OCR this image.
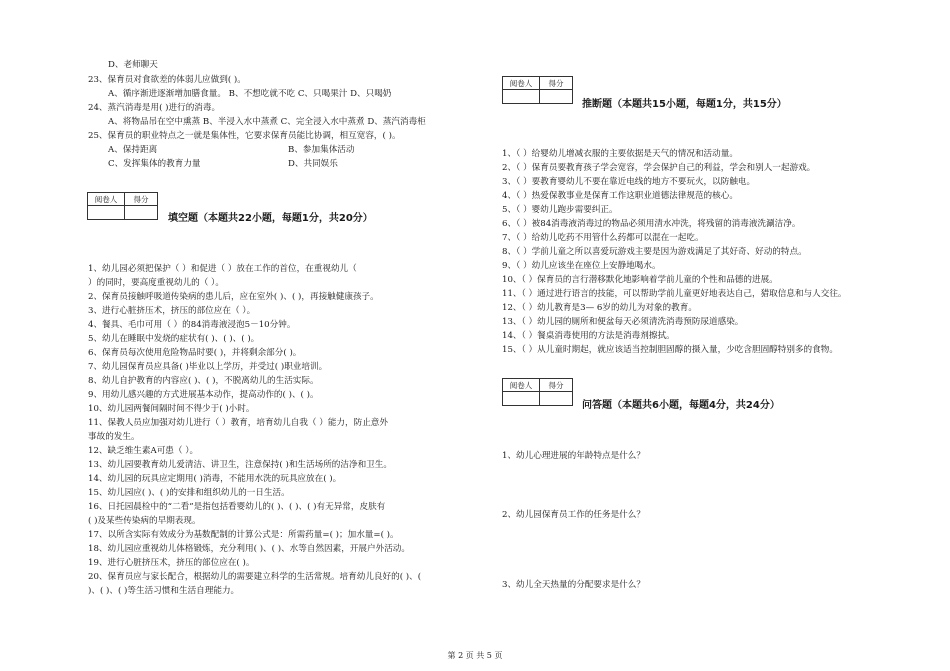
D、老师聊天
23、保育员对食欲差的体弱儿应做到( )。
A、循序渐进逐渐增加膳食量。 B、不想吃就不吃 C、只喝果汁 D、只喝奶
24、蒸汽消毒是用( )进行的消毒。
A、将物品吊在空中熏蒸 B、半浸入水中蒸煮 C、完全浸入水中蒸煮 D、蒸汽消毒柜
25、保育员的职业特点之一就是集体性，它要求保育员能比协调，相互宽容，( )。
A、保持距离	B、参加集体活动
C、发挥集体的教育力量	D、共同娱乐
阅卷人	得分

填空题（本题共22小题，每题1分，共20分）
1、幼儿园必须把保护（ ）和促进（ ）放在工作的首位，在重视幼儿（
）的同时，要高度重视幼儿的（ ）。
2、保育员接触呼吸道传染病的患儿后，应在室外( )、( )，再接触健康孩子。
3、进行心脏挤压术，挤压的部位应在（ ）。
4、餐具、毛巾可用（ ）的84消毒液浸泡5－10分钟。
5、幼儿在睡眠中发烧的症状有( )、( )、( )。
6、保育员每次使用危险物品时要( )，并将剩余部分( )。
7、幼儿园保育员应具备( )毕业以上学历，并受过( )职业培训。
8、幼儿自护教育的内容应( )、( )，不脱离幼儿的生活实际。
9、用幼儿感兴趣的方式进展基本动作，提高动作的( )、( )。
10、幼儿园两餐间隔时间不得少于( )小时。
11、保教人员应加强对幼儿进行（ ）教育，培育幼儿自我（ ）能力，防止意外
事故的发生。
12、缺乏维生素A可患（ ）。
13、幼儿园要教育幼儿爱清洁、讲卫生，注意保持( )和生活场所的洁净和卫生。
14、幼儿园的玩具应定期用( )消毒，不能用水洗的玩具应放在( )。
15、幼儿园应( )、( )的安排和组织幼儿的一日生活。
16、日托园晨检中的“二看”是指包括看婴幼儿的( )、( )、( )有无异常，皮肤有
( )及某些传染病的早期表现。
17、以所含实际有效成分为基数配制的计算公式是：所需药量=( )；加水量=( )。
18、幼儿园应重视幼儿体格锻炼，充分利用( )、( )、水等自然因素，开展户外活动。
19、进行心脏挤压术，挤压的部位应在( )。
20、保育员应与家长配合，根据幼儿的需要建立科学的生活常规。培育幼儿良好的( )、(
)、( )、( )等生活习惯和生活自理能力。
阅卷人	得分

推断题（本题共15小题，每题1分，共15分）
1、（ ）给婴幼儿增减衣服的主要依据是天气的情况和活动量。
2、（ ）保育员要教育孩子学会宽容，学会保护自己的利益，学会和别人一起游戏。
3、（ ）要教育婴幼儿不要在靠近电线的地方不要玩火，以防触电。
4、（ ）热爱保教事业是保育工作这职业道德法律规范的核心。
5、（ ）婴幼儿跑步需要纠正。
6、（ ）被84消毒液消毒过的物品必须用清水冲洗，将残留的消毒液洗涮洁净。
7、（ ）给幼儿吃药不用管什么药都可以混在一起吃。
8、（ ）学前儿童之所以喜爱玩游戏主要是因为游戏满足了其好奇、好动的特点。
9、（ ）幼儿应该坐在座位上安静地喝水。
10、（ ）保育员的言行潜移默化地影响着学前儿童的个性和品德的进展。
11、（ ）通过进行语言的技能，可以帮助学前儿童更好地表达自己，猎取信息和与人交往。
12、（ ）幼儿教育是3— 6岁的幼儿为对象的教育。
13、（ ）幼儿园的厕所和便盆每天必须清洗消毒预防尿道感染。
14、（ ）餐桌消毒使用的方法是消毒剂擦拭。
15、（ ）从儿童时期起，就应该适当控制胆固醇的摄入量，少吃含胆固醇特别多的食物。
阅卷人	得分

问答题（本题共6小题，每题4分，共24分）
1、幼儿心理进展的年龄特点是什么？
2、幼儿园保育员工作的任务是什么？
3、幼儿全天热量的分配要求是什么？
第 2 页 共 5 页
